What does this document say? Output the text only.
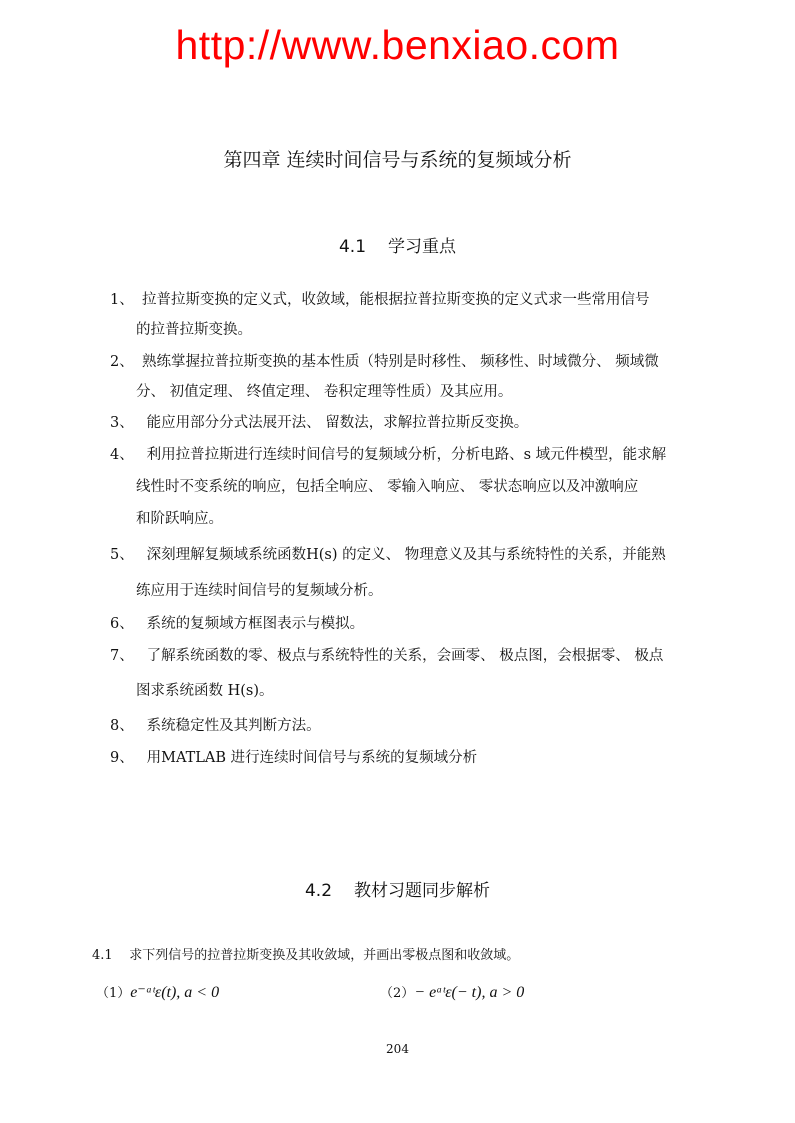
http://www.benxiao.com
第四章 连续时间信号与系统的复频域分析
4.1 学习重点
1、 拉普拉斯变换的定义式，收敛域，能根据拉普拉斯变换的定义式求一些常用信号
的拉普拉斯变换。
2、 熟练掌握拉普拉斯变换的基本性质（特别是时移性、 频移性、时域微分、 频域微
分、 初值定理、 终值定理、 卷积定理等性质）及其应用。
3、 能应用部分分式法展开法、 留数法，求解拉普拉斯反变换。
4、 利用拉普拉斯进行连续时间信号的复频域分析，分析电路、s 域元件模型，能求解
线性时不变系统的响应，包括全响应、 零输入响应、 零状态响应以及冲激响应
和阶跃响应。
5、 深刻理解复频域系统函数H(s) 的定义、 物理意义及其与系统特性的关系，并能熟
练应用于连续时间信号的复频域分析。
6、 系统的复频域方框图表示与模拟。
7、 了解系统函数的零、极点与系统特性的关系，会画零、 极点图，会根据零、 极点
图求系统函数 H(s)。
8、 系统稳定性及其判断方法。
9、 用MATLAB 进行连续时间信号与系统的复频域分析
4.2 教材习题同步解析
4.1 求下列信号的拉普拉斯变换及其收敛域，并画出零极点图和收敛域。
（1）e⁻ᵃᵗε(t), a < 0	（2）− eᵃᵗε(− t), a > 0
204
